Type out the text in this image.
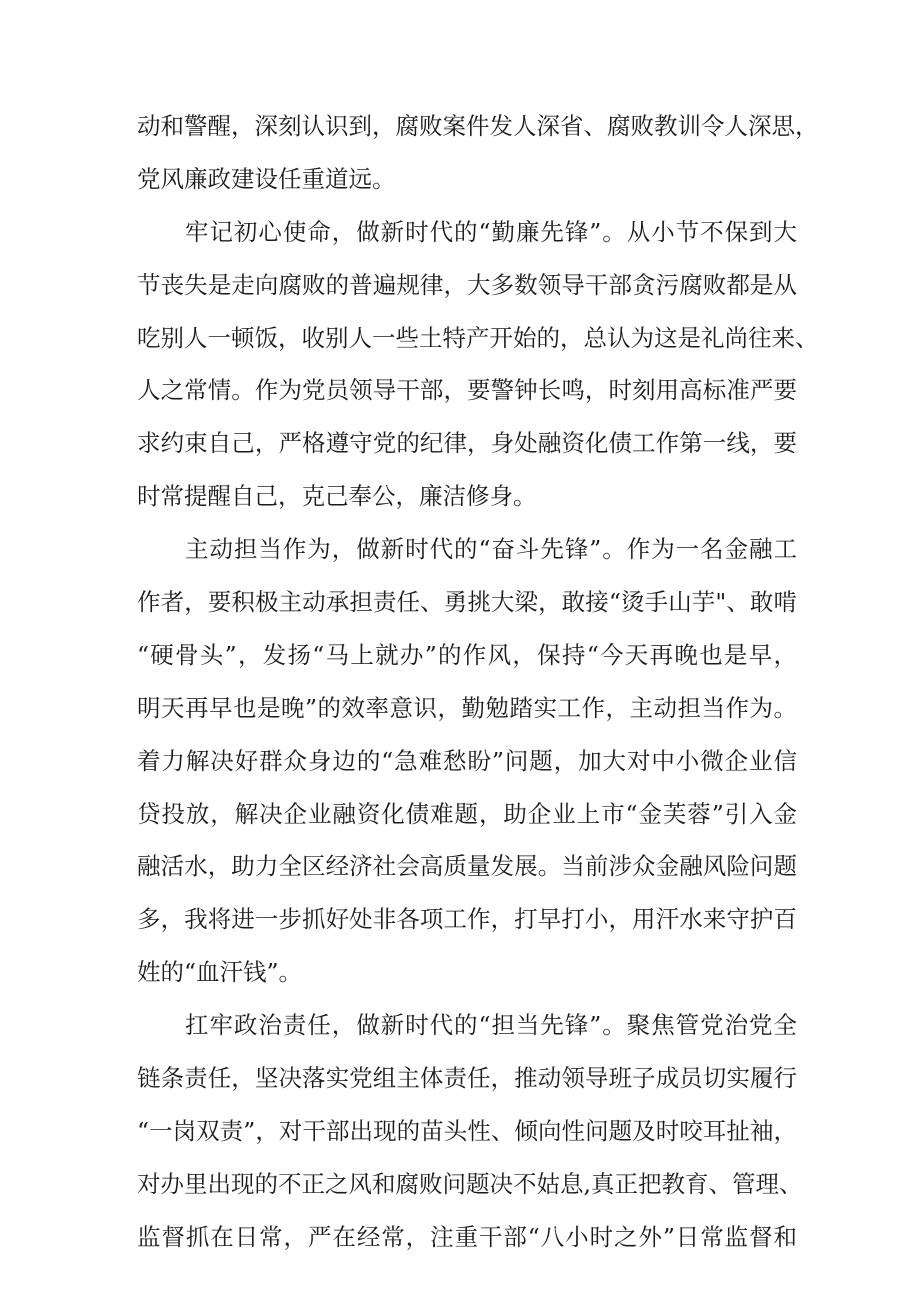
动和警醒，深刻认识到，腐败案件发人深省、腐败教训令人深思，
党风廉政建设任重道远。
牢记初心使命，做新时代的“勤廉先锋”。从小节不保到大
节丧失是走向腐败的普遍规律，大多数领导干部贪污腐败都是从
吃别人一顿饭，收别人一些土特产开始的，总认为这是礼尚往来、
人之常情。作为党员领导干部，要警钟长鸣，时刻用高标准严要
求约束自己，严格遵守党的纪律，身处融资化债工作第一线，要
时常提醒自己，克己奉公，廉洁修身。
主动担当作为，做新时代的“奋斗先锋”。作为一名金融工
作者，要积极主动承担责任、勇挑大梁，敢接“烫手山芋"、敢啃
“硬骨头”，发扬“马上就办”的作风，保持“今天再晚也是早，
明天再早也是晚”的效率意识，勤勉踏实工作，主动担当作为。
着力解决好群众身边的“急难愁盼”问题，加大对中小微企业信
贷投放，解决企业融资化债难题，助企业上市“金芙蓉”引入金
融活水，助力全区经济社会高质量发展。当前涉众金融风险问题
多，我将进一步抓好处非各项工作，打早打小，用汗水来守护百
姓的“血汗钱”。
扛牢政治责任，做新时代的“担当先锋”。聚焦管党治党全
链条责任，坚决落实党组主体责任，推动领导班子成员切实履行
“一岗双责”，对干部出现的苗头性、倾向性问题及时咬耳扯袖，
对办里出现的不正之风和腐败问题决不姑息,真正把教育、管理、
监督抓在日常，严在经常，注重干部“八小时之外”日常监督和
